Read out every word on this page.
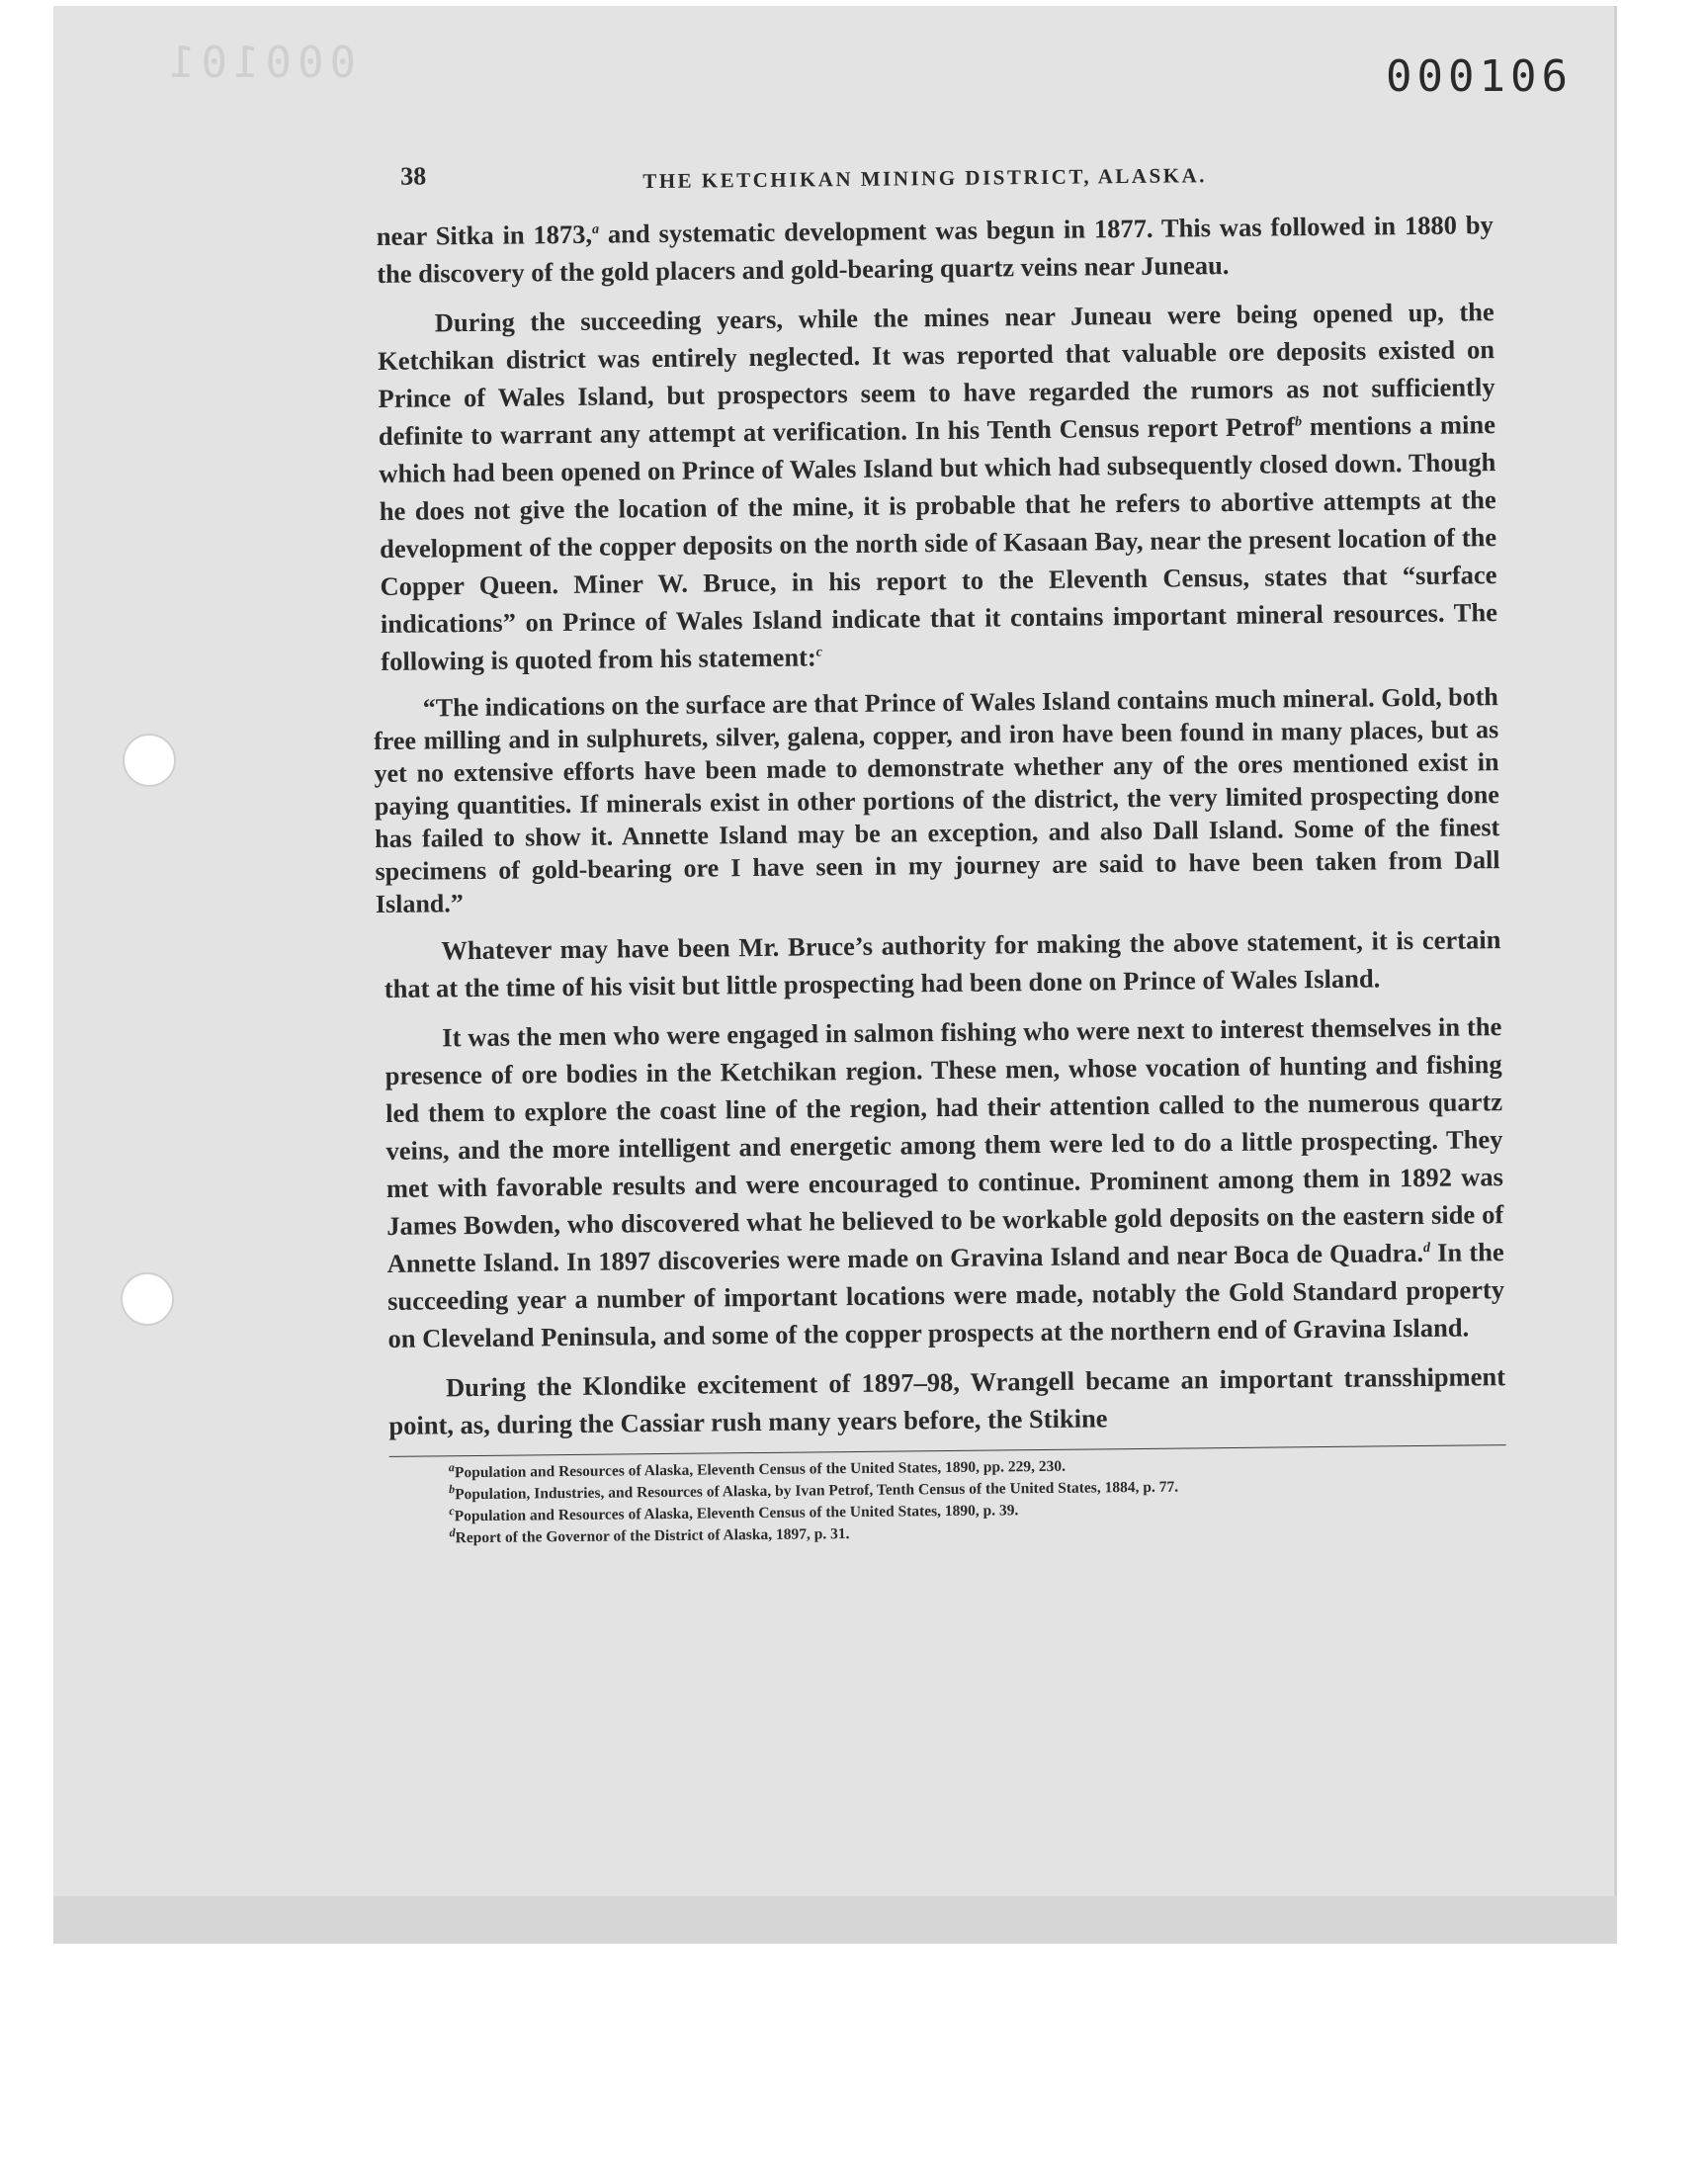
000101	000106
38	THE KETCHIKAN MINING DISTRICT, ALASKA.

near Sitka in 1873,$^a$ and systematic development was begun in 1877. This was followed in 1880 by the discovery of the gold placers and gold-bearing quartz veins near Juneau.

During the succeeding years, while the mines near Juneau were being opened up, the Ketchikan district was entirely neglected. It was reported that valuable ore deposits existed on Prince of Wales Island, but prospectors seem to have regarded the rumors as not sufficiently definite to warrant any attempt at verification. In his Tenth Census report Petrof$^b$ mentions a mine which had been opened on Prince of Wales Island but which had subsequently closed down. Though he does not give the location of the mine, it is probable that he refers to abortive attempts at the development of the copper deposits on the north side of Kasaan Bay, near the present location of the Copper Queen. Miner W. Bruce, in his report to the Eleventh Census, states that “surface indications” on Prince of Wales Island indicate that it contains important mineral resources. The following is quoted from his statement:$^c$

“The indications on the surface are that Prince of Wales Island contains much mineral. Gold, both free milling and in sulphurets, silver, galena, copper, and iron have been found in many places, but as yet no extensive efforts have been made to demonstrate whether any of the ores mentioned exist in paying quantities. If minerals exist in other portions of the district, the very limited prospecting done has failed to show it. Annette Island may be an exception, and also Dall Island. Some of the finest specimens of gold-bearing ore I have seen in my journey are said to have been taken from Dall Island.”

Whatever may have been Mr. Bruce’s authority for making the above statement, it is certain that at the time of his visit but little prospecting had been done on Prince of Wales Island.

It was the men who were engaged in salmon fishing who were next to interest themselves in the presence of ore bodies in the Ketchikan region. These men, whose vocation of hunting and fishing led them to explore the coast line of the region, had their attention called to the numerous quartz veins, and the more intelligent and energetic among them were led to do a little prospecting. They met with favorable results and were encouraged to continue. Prominent among them in 1892 was James Bowden, who discovered what he believed to be workable gold deposits on the eastern side of Annette Island. In 1897 discoveries were made on Gravina Island and near Boca de Quadra.$^d$ In the succeeding year a number of important locations were made, notably the Gold Standard property on Cleveland Peninsula, and some of the copper prospects at the northern end of Gravina Island.

During the Klondike excitement of 1897–98, Wrangell became an important transshipment point, as, during the Cassiar rush many years before, the Stikine

$^a$Population and Resources of Alaska, Eleventh Census of the United States, 1890, pp. 229, 230.
$^b$Population, Industries, and Resources of Alaska, by Ivan Petrof, Tenth Census of the United States, 1884, p. 77.
$^c$Population and Resources of Alaska, Eleventh Census of the United States, 1890, p. 39.
$^d$Report of the Governor of the District of Alaska, 1897, p. 31.
